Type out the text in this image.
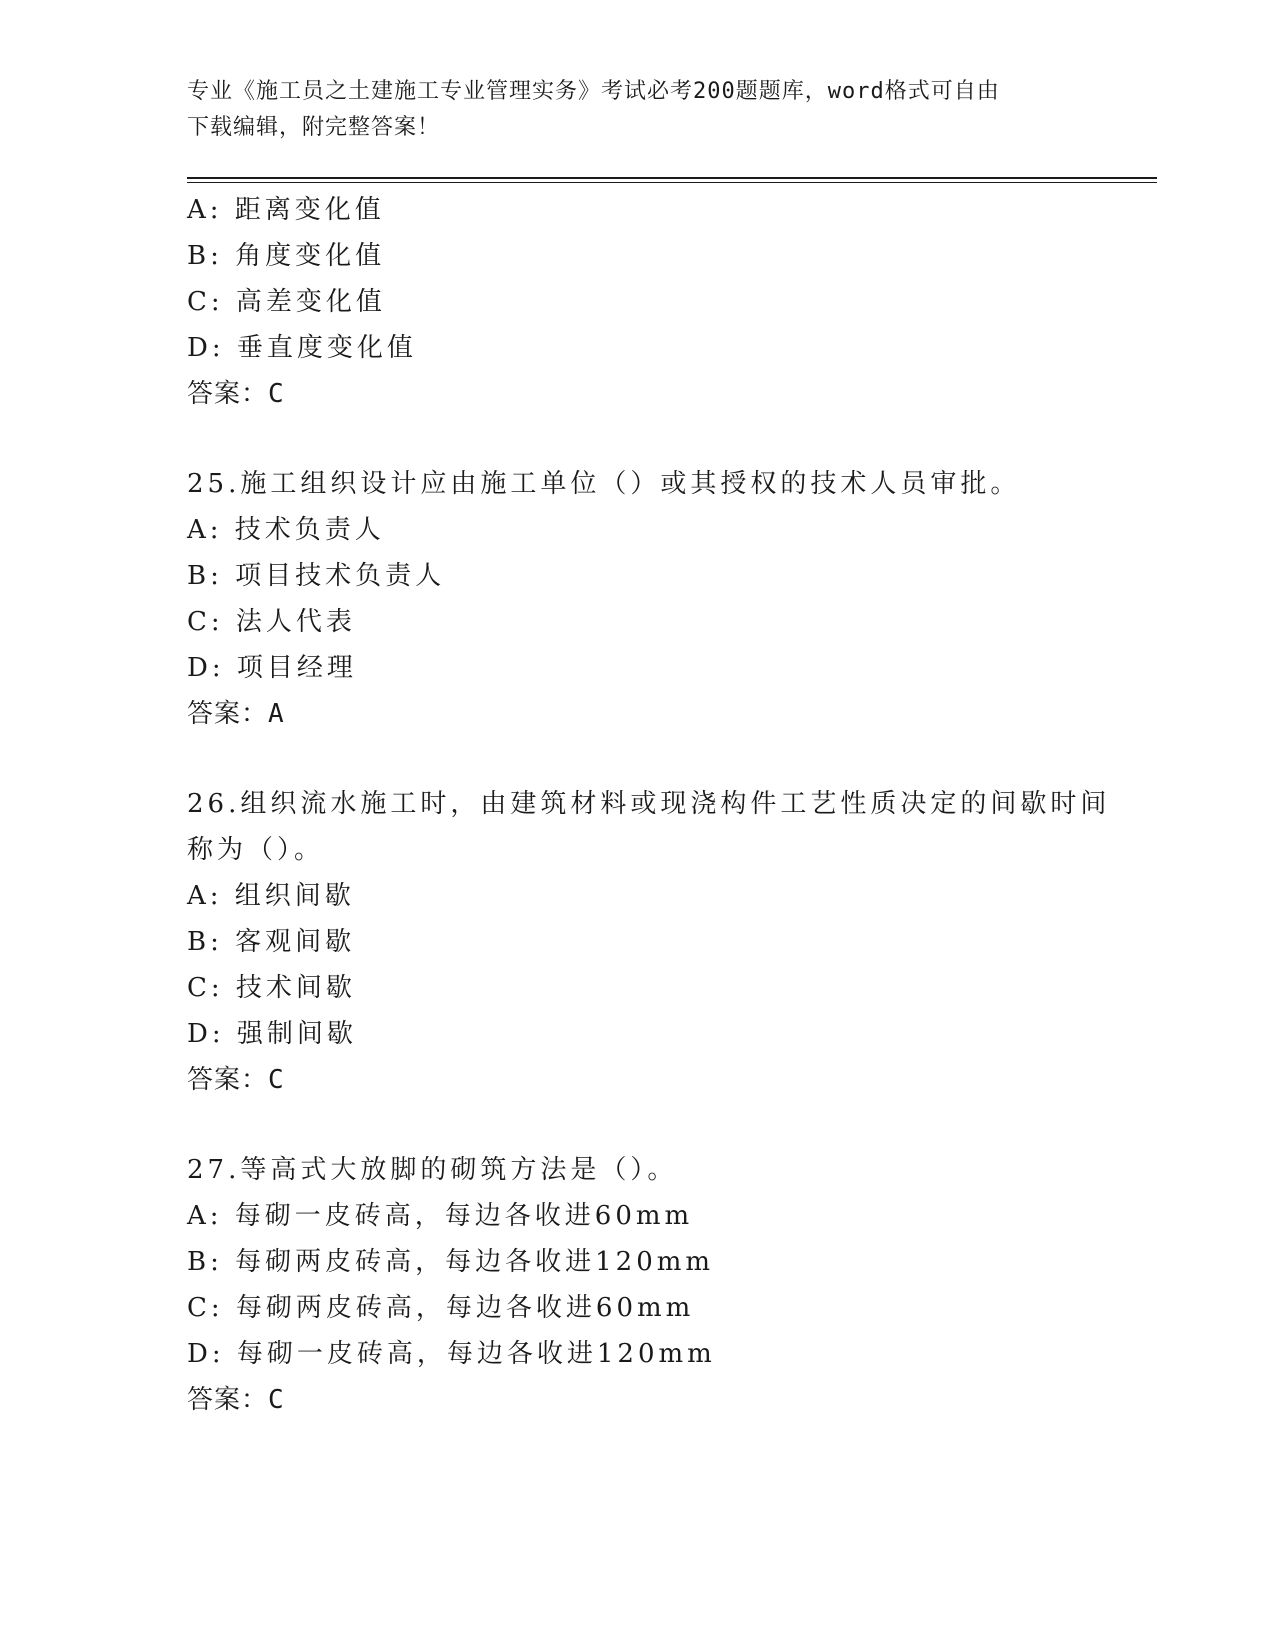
专业《施工员之土建施工专业管理实务》考试必考200题题库，word格式可自由
下载编辑，附完整答案！
A: 距离变化值
B: 角度变化值
C: 高差变化值
D: 垂直度变化值
答案：C
25.施工组织设计应由施工单位（）或其授权的技术人员审批。
A: 技术负责人
B: 项目技术负责人
C: 法人代表
D: 项目经理
答案：A
26.组织流水施工时，由建筑材料或现浇构件工艺性质决定的间歇时间
称为（）。
A: 组织间歇
B: 客观间歇
C: 技术间歇
D: 强制间歇
答案：C
27.等高式大放脚的砌筑方法是（）。
A: 每砌一皮砖高，每边各收进60mm
B: 每砌两皮砖高，每边各收进120mm
C: 每砌两皮砖高，每边各收进60mm
D: 每砌一皮砖高，每边各收进120mm
答案：C
